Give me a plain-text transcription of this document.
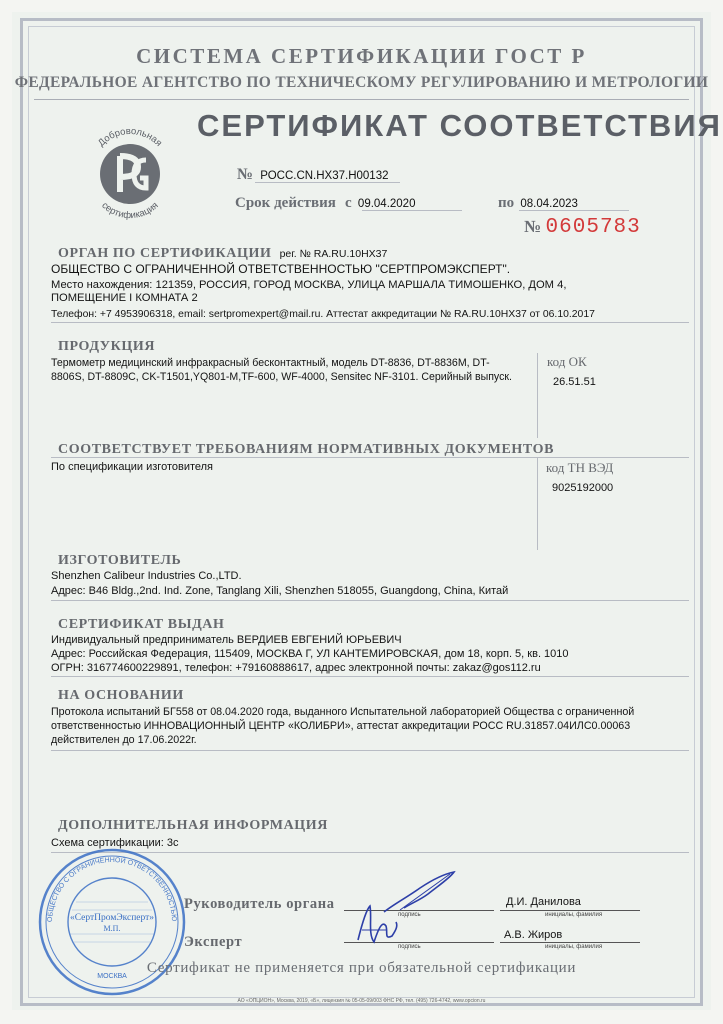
СИСТЕМА СЕРТИФИКАЦИИ ГОСТ Р
ФЕДЕРАЛЬНОЕ АГЕНТСТВО ПО ТЕХНИЧЕСКОМУ РЕГУЛИРОВАНИЮ И МЕТРОЛОГИИ
Добровольная
сертификация
СЕРТИФИКАТ СООТВЕТСТВИЯ
№ РОСС.CN.НХ37.Н00132
Срок действия с 09.04.2020	по 08.04.2023
№ 0605783
ОРГАН ПО СЕРТИФИКАЦИИ рег. № RA.RU.10НХ37
ОБЩЕСТВО С ОГРАНИЧЕННОЙ ОТВЕТСТВЕННОСТЬЮ "СЕРТПРОМЭКСПЕРТ".
Место нахождения: 121359, РОССИЯ, ГОРОД МОСКВА, УЛИЦА МАРШАЛА ТИМОШЕНКО, ДОМ 4,
ПОМЕЩЕНИЕ I КОМНАТА 2
Телефон: +7 4953906318, email: sertpromexpert@mail.ru. Аттестат аккредитации № RA.RU.10НХ37 от 06.10.2017
ПРОДУКЦИЯ
Термометр медицинский инфракрасный бесконтактный, модель DT-8836, DT-8836M, DT-
8806S, DT-8809C, CK-T1501,YQ801-M,TF-600, WF-4000, Sensitec NF-3101. Серийный выпуск.
код ОК
26.51.51
СООТВЕТСТВУЕТ ТРЕБОВАНИЯМ НОРМАТИВНЫХ ДОКУМЕНТОВ
По спецификации изготовителя	код ТН ВЭД
9025192000
ИЗГОТОВИТЕЛЬ
Shenzhen Calibeur Industries Co.,LTD.
Адрес: B46 Bldg.,2nd. Ind. Zone, Tanglang Xili, Shenzhen 518055, Guangdong, China, Китай
СЕРТИФИКАТ ВЫДАН
Индивидуальный предприниматель ВЕРДИЕВ ЕВГЕНИЙ ЮРЬЕВИЧ
Адрес: Российская Федерация, 115409, МОСКВА Г, УЛ КАНТЕМИРОВСКАЯ, дом 18, корп. 5, кв. 1010
ОГРН: 316774600229891, телефон: +79160888617, адрес электронной почты: zakaz@gos112.ru
НА ОСНОВАНИИ
Протокола испытаний БГ558 от 08.04.2020 года, выданного Испытательной лабораторией Общества с ограниченной
ответственностью ИННОВАЦИОННЫЙ ЦЕНТР «КОЛИБРИ», аттестат аккредитации РОСС RU.31857.04ИЛС0.00063
действителен до 17.06.2022г.
ДОПОЛНИТЕЛЬНАЯ ИНФОРМАЦИЯ
Схема сертификации: 3с
Руководитель органа
подпись
Д.И. Данилова
инициалы, фамилия
Эксперт	подпись
А.В. Жиров
инициалы, фамилия
ОБЩЕСТВО С ОГРАНИЧЕННОЙ ОТВЕТСТВЕННОСТЬЮ
«СертПромЭксперт»
М.П.
МОСКВА
Сертификат не применяется при обязательной сертификации
АО «ОПЦИОН», Москва, 2019, «Б», лицензия № 05-05-09/003 ФНС РФ, тел. (495) 726-4742, www.opcion.ru
